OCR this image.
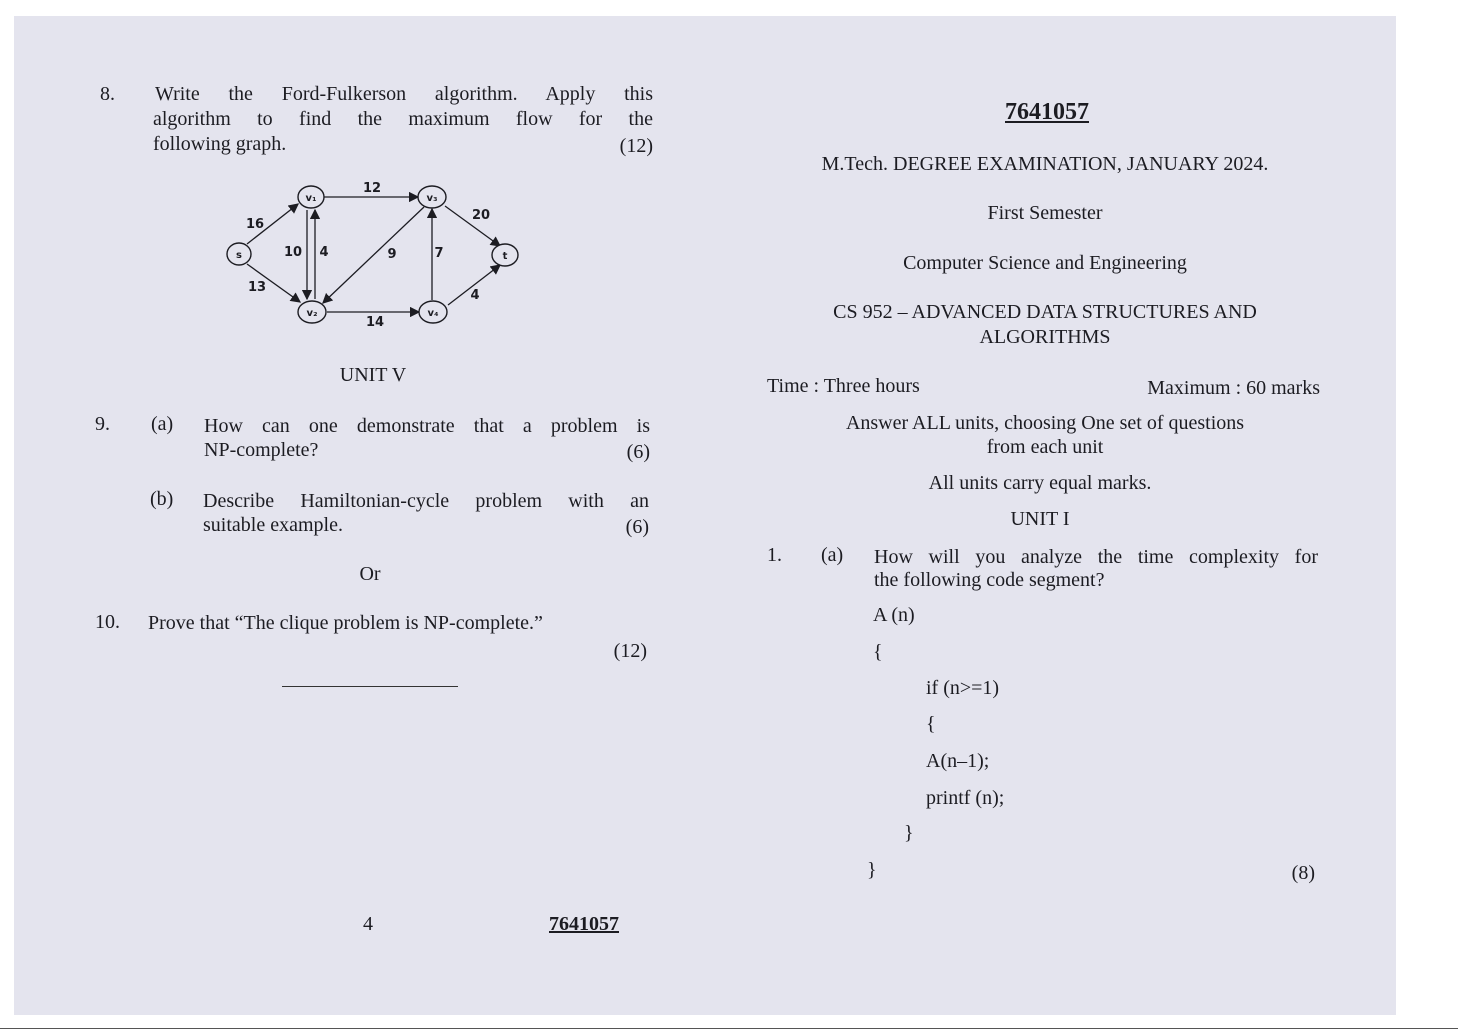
8. Write the Ford-Fulkerson algorithm. Apply this
algorithm to find the maximum flow for the
following graph.	(12)
s
v₁
v₂
v₃
v₄
t
16
13
12
10 4	9
14
7
20
4
UNIT V
9. (a) How can one demonstrate that a problem is
NP-complete?	(6)
(b) Describe Hamiltonian-cycle problem with an
suitable example.	(6)
Or
10. Prove that “The clique problem is NP-complete.”
(12)
4	7641057
7641057
M.Tech. DEGREE EXAMINATION, JANUARY 2024.
First Semester
Computer Science and Engineering
CS 952 – ADVANCED DATA STRUCTURES AND
ALGORITHMS
Time : Three hours	Maximum : 60 marks
Answer ALL units, choosing One set of questions
from each unit
All units carry equal marks.
UNIT I
1. (a) How will you analyze the time complexity for
the following code segment?
A (n)
{
if (n>=1)
{
A(n–1);
printf (n);
}
}	(8)
